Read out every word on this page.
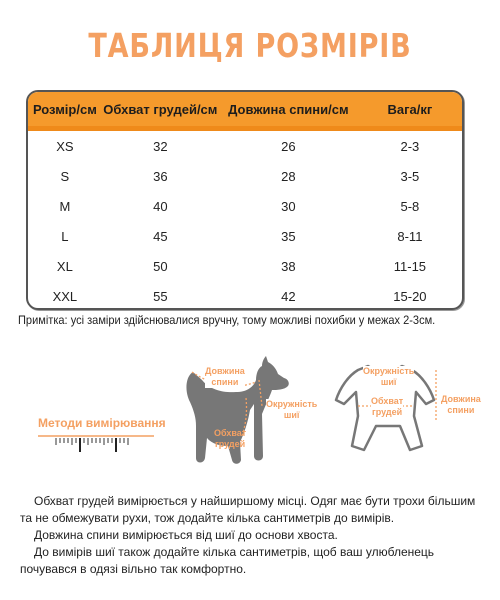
ТАБЛИЦЯ РОЗМІРІВ
Розмір/см	Обхват грудей/см	Довжина спини/см	Вага/кг
XS	32	26	2-3
S	36	28	3-5
M	40	30	5-8
L	45	35	8-11
XL	50	38	11-15
XXL	55	42	15-20
Примітка: усі заміри здійснювалися вручну, тому можливі похибки у межах 2-3см.
Методи вимірювання
Довжина
спини
Окружність
шиї
Обхват
грудей
Окружність
шиї
Обхват
грудей
Довжина
спини

Обхват грудей вимірюється у найширшому місці. Одяг має бути трохи більшим та не обмежувати рухи, тож додайте кілька сантиметрів до вимірів.

Довжина спини вимірюється від шиї до основи хвоста.

До вимірів шиї також додайте кілька сантиметрів, щоб ваш улюбленець почувався в одязі вільно так комфортно.
